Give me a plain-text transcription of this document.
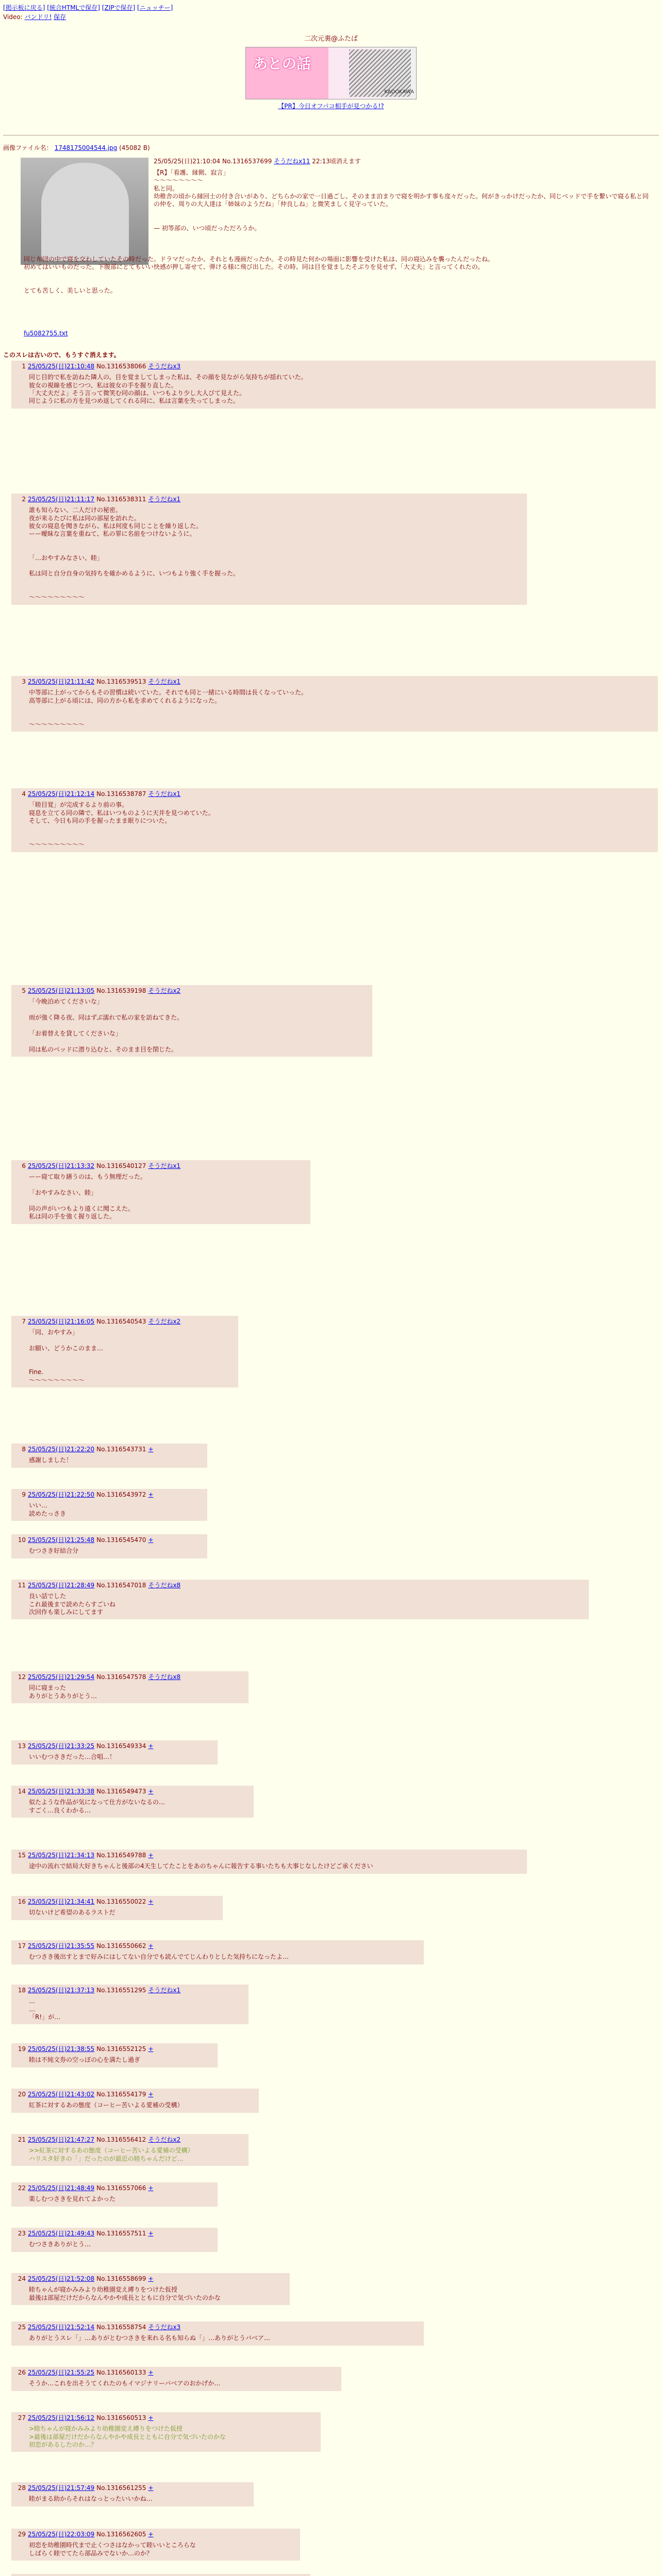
[掲示板に戻る] [統合HTMLで保存] [ZIPで保存] [ニュッチー]
Video: バンドリ! 保存
二次元裏@ふたば
あとの話
KADOKAWA
【PR】今日オフパコ相手が見つかる!?
画像ファイル名： 1748175004544.jpg (45082 B)
25/05/25(日)21:10:04 No.1316537699 そうだねx11 22:13頃消えます
【R】「看護、縁側、寂言」
〜〜〜〜〜〜〜〜
私と同。
幼稚舎の頃から縁回士の付き合いがあり、どちらかの家で一日過ごし、そのまま泊まりで寝を明かす事も度々だった。何がきっかけだったか、同じベッドで手を繋いで寝る私と同の仲を、周りの大人達は「姉妹のようだね」「仲良しね」と微笑ましく見守っていた。

— 初等部の、いつ頃だっただろうか。
同じ布団の中で寝を交わしていたその時だった。ドラマだったか、それとも漫画だったか。その時見た何かの場面に影響を受けた私は、同の寝込みを襲ったんだったね。
初めてはいいものだった。下腹部にとてもいい快感が押し寄せて、弾ける様に飛び出した。その時、同は目を覚ましたそぶりを見せず、「大丈夫」と言ってくれたの。

とても苦しく、美しいと思った。
fu5082755.txt
このスレは古いので、もうすぐ消えます。
1 25/05/25(日)21:10:48 No.1316538066 そうだねx3
同じ目的で私を訪ねた隣人の、目を覚ましてしまった私は、その顔を見ながら気持ちが揺れていた。
彼女の視線を感じつつ、私は彼女の手を握り直した。
「大丈夫だよ」そう言って微笑む同の顔は、いつもより少し大人びて見えた。
同じように私の方を見つめ返してくれる同に、私は言葉を失ってしまった。
2 25/05/25(日)21:11:17 No.1316538311 そうだねx1
誰も知らない、二人だけの秘密。
夜が来るたびに私は同の部屋を訪れた。
彼女の寝息を聞きながら、私は何度も同じことを繰り返した。
ーー曖昧な言葉を重ねて、私の罪に名前をつけないように。

「…おやすみなさい、睦」

私は同と自分自身の気持ちを確かめるように、いつもより強く手を握った。

〜〜〜〜〜〜〜〜〜
3 25/05/25(日)21:11:42 No.1316539513 そうだねx1
中等部に上がってからもその習慣は続いていた。それでも同と一緒にいる時間は長くなっていった。
高等部に上がる頃には、同の方から私を求めてくれるようになった。

〜〜〜〜〜〜〜〜〜
4 25/05/25(日)21:12:14 No.1316538787 そうだねx1
「睦目覚」が完成するより前の事。
寝息を立てる同の隣で、私はいつものように天井を見つめていた。
そして、今日も同の手を握ったまま眠りについた。

〜〜〜〜〜〜〜〜〜
5 25/05/25(日)21:13:05 No.1316539198 そうだねx2
「今晩泊めてくださいな」

雨が強く降る夜、同はずぶ濡れで私の家を訪ねてきた。

「お着替えを貸してくださいな」

同は私のベッドに潜り込むと、そのまま目を閉じた。
6 25/05/25(日)21:13:32 No.1316540127 そうだねx1
ーー寝て取り繕うのは、もう無理だった。

「おやすみなさい、睦」

同の声がいつもより遠くに聞こえた。
私は同の手を強く握り返した。
7 25/05/25(日)21:16:05 No.1316540543 そうだねx2
「同、おやすみ」

お願い、どうかこのまま…

Fine.
〜〜〜〜〜〜〜〜〜
8 25/05/25(日)21:22:20 No.1316543731 +
感謝しました！
9 25/05/25(日)21:22:50 No.1316543972 +
いい…
読めたっさき
10 25/05/25(日)21:25:48 No.1316545470 +
むつさき好結合分
11 25/05/25(日)21:28:49 No.1316547018 そうだねx8
良い話でした
これ最後まで読めたらすごいね
次回作も楽しみにしてます
12 25/05/25(日)21:29:54 No.1316547578 そうだねx8
同に寝まった
ありがとうありがとう…
13 25/05/25(日)21:33:25 No.1316549334 +
いいむつさきだった…合唱…！
14 25/05/25(日)21:33:38 No.1316549473 +
似たような作品が気になって仕方がないなるの…
すごく…良くわかる…
15 25/05/25(日)21:34:13 No.1316549788 +
途中の流れで結局大好きちゃんと後部の4天生してたことをあのちゃんに報告する事いたちも大事じなしたけどご承ください
16 25/05/25(日)21:34:41 No.1316550022 +
切ないけど希望のあるラストだ
17 25/05/25(日)21:35:55 No.1316550662 +
むつさき後出すとまで好みにはしてない自分でも読んでてじんわりとした気持ちになったよ…
18 25/05/25(日)21:37:13 No.1316551295 そうだねx1
…
…
「R!」が…
19 25/05/25(日)21:38:55 No.1316552125 +
睦は不純文券の空っぽの心を満たし過ぎ
20 25/05/25(日)21:43:02 No.1316554179 +
紅茶に対するあの態度（コーヒー苦いよる愛補の受構）
21 25/05/25(日)21:47:27 No.1316556412 そうだねx2
>>紅茶に対するあの態度（コーヒー苦いよる愛補の受構）
ハリスタ好きの「」だったのが最近の睦ちゃんだけど…
22 25/05/25(日)21:48:49 No.1316557066 +
楽しむつさきを見れてよかった
23 25/05/25(日)21:49:43 No.1316557511 +
むつさきありがとう…
24 25/05/25(日)21:52:08 No.1316558699 +
睦ちゃんが寝かみみより幼稚園変え縛りをつけた仮授
最後は部屋だけだからなんやかや成長とともに自分で気づいたのかな
25 25/05/25(日)21:52:14 No.1316558754 そうだねx3
ありがとうスレ「」…ありがとむつさきを来れる名も知らぬ「」…ありがとうバベア…
26 25/05/25(日)21:55:25 No.1316560133 +
そうか…これを出そうてくれたのもイマジナリーバベアのおかげか…
27 25/05/25(日)21:56:12 No.1316560513 +
>睦ちゃんが寝かみみより幼稚園変え縛りをつけた仮授
>最後は部屋だけだからなんやかや成長とともに自分で気づいたのかな
初恋があるしたのか…？
28 25/05/25(日)21:57:49 No.1316561255 +
睦がまる助からそれはなっとったいいかね…
29 25/05/25(日)22:03:09 No.1316562605 +
初恋を幼稚園時代まで止くつさはなかって睦いいところらな
しばらく睦でてたら部品みでないか…のか？
